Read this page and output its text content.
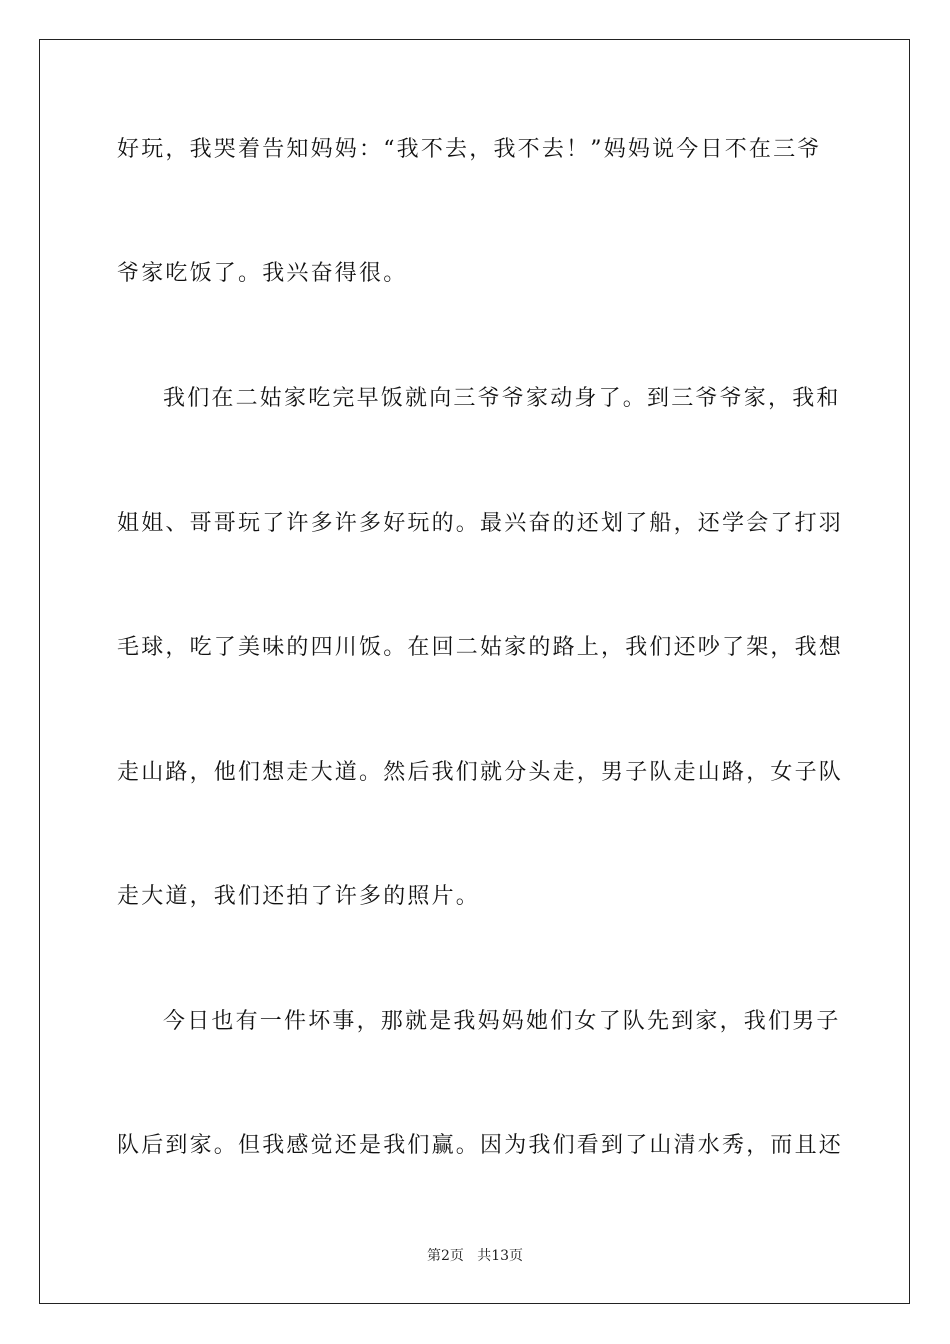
好玩，我哭着告知妈妈：“我不去，我不去！”妈妈说今日不在三爷
爷家吃饭了。我兴奋得很。
我们在二姑家吃完早饭就向三爷爷家动身了。到三爷爷家，我和
姐姐、哥哥玩了许多许多好玩的。最兴奋的还划了船，还学会了打羽
毛球，吃了美味的四川饭。在回二姑家的路上，我们还吵了架，我想
走山路，他们想走大道。然后我们就分头走，男子队走山路，女子队
走大道，我们还拍了许多的照片。
今日也有一件坏事，那就是我妈妈她们女了队先到家，我们男子
队后到家。但我感觉还是我们赢。因为我们看到了山清水秀，而且还
第2页   共13页
